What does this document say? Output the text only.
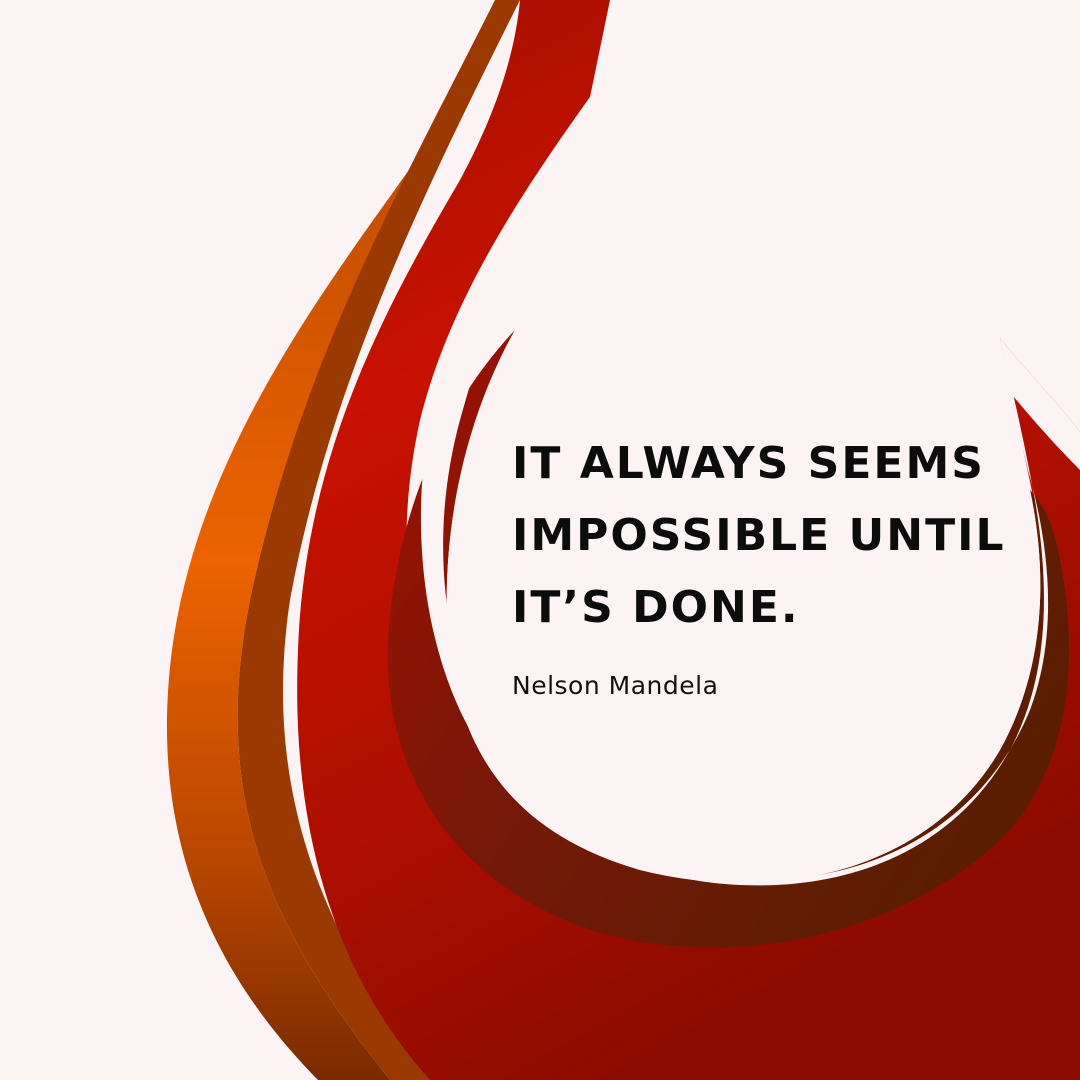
IT ALWAYS SEEMS
IMPOSSIBLE UNTIL
IT’S DONE.

Nelson Mandela
